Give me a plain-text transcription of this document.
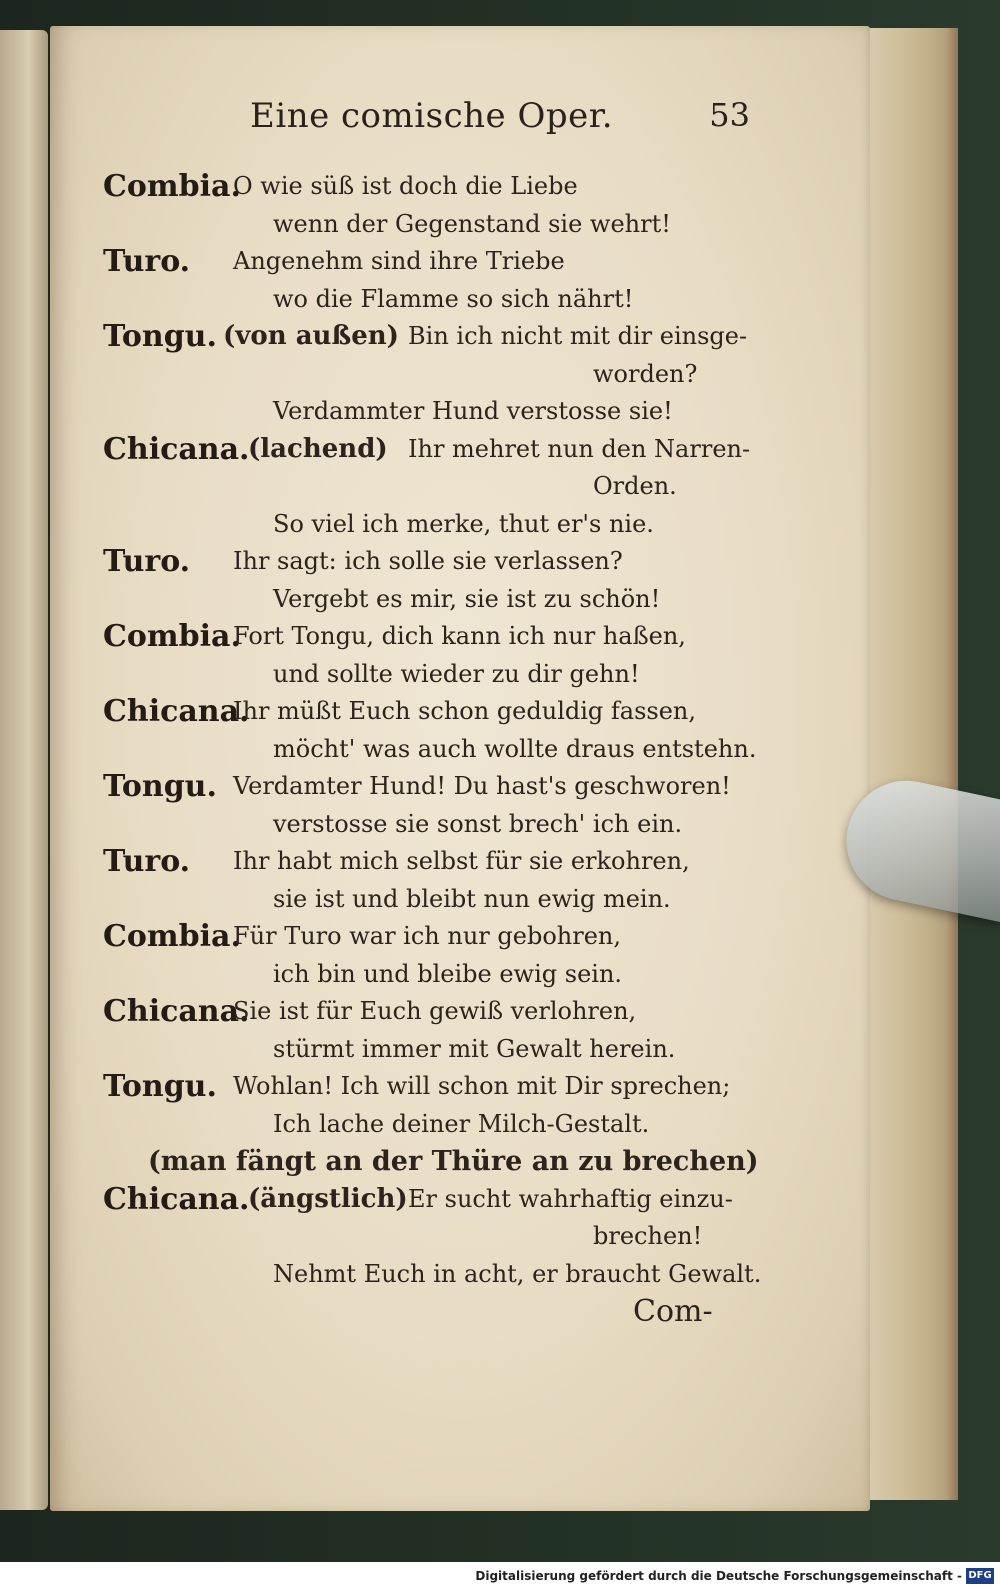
Eine comische Oper.	53
Combia.
O wie süß ist doch die Liebe
wenn der Gegenstand sie wehrt!
Turo. Angenehm sind ihre Triebe
wo die Flamme so sich nährt!
Tongu. (von außen) Bin ich nicht mit dir einsge-
worden?
Verdammter Hund verstosse sie!
Chicana.
(lachend) Ihr mehret nun den Narren-
Orden.
So viel ich merke, thut er's nie.
Turo. Ihr sagt: ich solle sie verlassen?
Vergebt es mir, sie ist zu schön!
Combia.
Fort Tongu, dich kann ich nur haßen,
und sollte wieder zu dir gehn!
Chicana.
Ihr müßt Euch schon geduldig fassen,
möcht' was auch wollte draus entstehn.
Tongu. Verdamter Hund! Du hast's geschworen!
verstosse sie sonst brech' ich ein.
Turo. Ihr habt mich selbst für sie erkohren,
sie ist und bleibt nun ewig mein.
Combia.
Für Turo war ich nur gebohren,
ich bin und bleibe ewig sein.
Chicana.
Sie ist für Euch gewiß verlohren,
stürmt immer mit Gewalt herein.
Tongu. Wohlan! Ich will schon mit Dir sprechen;
Ich lache deiner Milch-Gestalt.
(man fängt an der Thüre an zu brechen)
Chicana.
(ängstlich) Er sucht wahrhaftig einzu-
brechen!
Nehmt Euch in acht, er braucht Gewalt.
Com-
Digitalisierung gefördert durch die Deutsche Forschungsgemeinschaft - DFG
